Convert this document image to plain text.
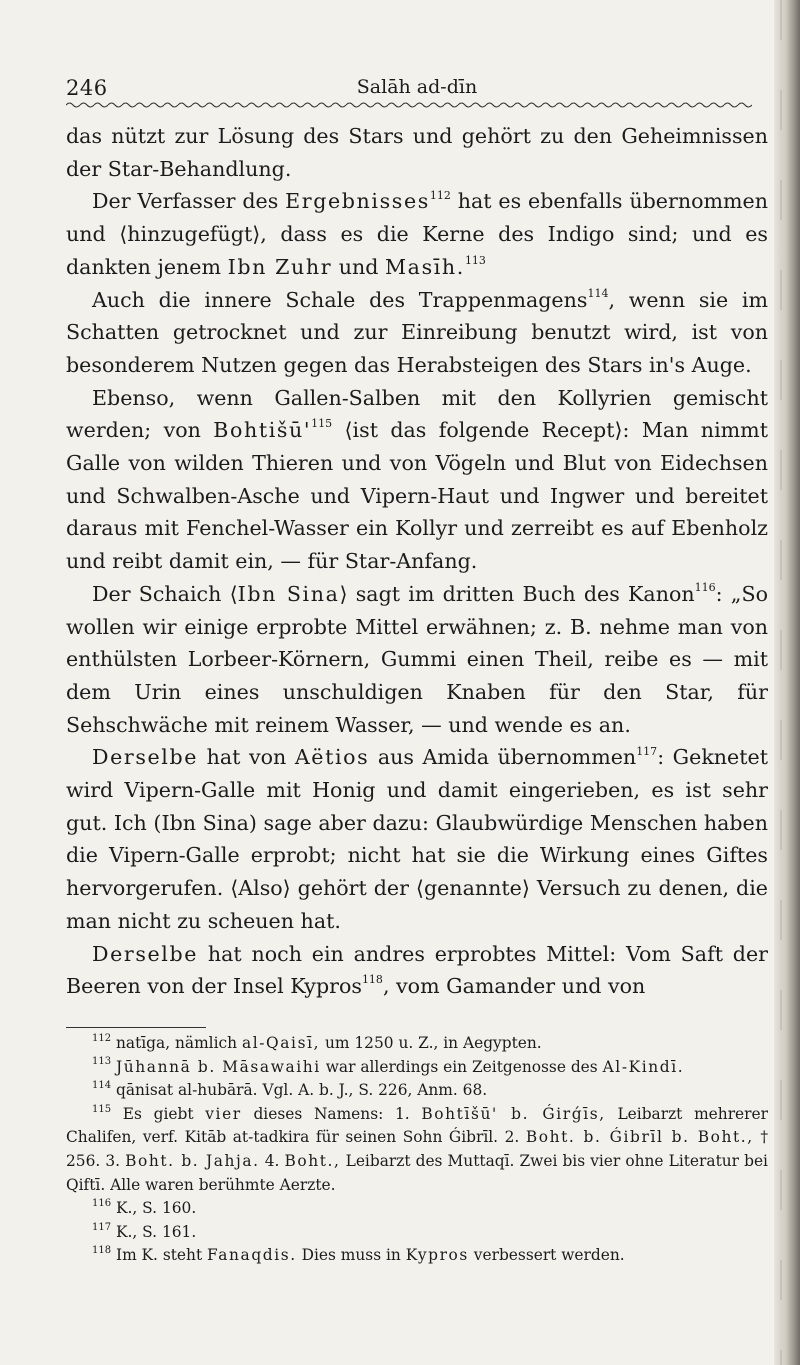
246	Salāh ad-dīn

das nützt zur Lösung des Stars und gehört zu den Geheimnissen der Star-Behandlung.

Der Verfasser des Ergebnisses$^{112}$ hat es ebenfalls übernommen und ⟨hinzugefügt⟩, dass es die Kerne des Indigo sind; und es dankten jenem Ibn Zuhr und Masīh.$^{113}$

Auch die innere Schale des Trappenmagens$^{114}$, wenn sie im Schatten getrocknet und zur Einreibung benutzt wird, ist von besonderem Nutzen gegen das Herabsteigen des Stars in's Auge.

Ebenso, wenn Gallen-Salben mit den Kollyrien gemischt werden; von $Bohtišū'^{115}$ ⟨ist das folgende Recept⟩: Man nimmt Galle von wilden Thieren und von Vögeln und Blut von Eidechsen und Schwalben-Asche und Vipern-Haut und Ingwer und bereitet daraus mit Fenchel-Wasser ein Kollyr und zerreibt es auf Ebenholz und reibt damit ein, — für Star-Anfang.

Der Schaich ⟨Ibn Sina⟩ sagt im dritten Buch des Kanon$^{116}$: „So wollen wir einige erprobte Mittel erwähnen; z. B. nehme man von enthülsten Lorbeer-Körnern, Gummi einen Theil, reibe es — mit dem Urin eines unschuldigen Knaben für den Star, für Sehschwäche mit reinem Wasser, — und wende es an.

Derselbe hat von Aëtios aus Amida übernommen$^{117}$: Geknetet wird Vipern-Galle mit Honig und damit eingerieben, es ist sehr gut. Ich (Ibn Sina) sage aber dazu: Glaubwürdige Menschen haben die Vipern-Galle erprobt; nicht hat sie die Wirkung eines Giftes hervorgerufen. ⟨Also⟩ gehört der ⟨genannte⟩ Versuch zu denen, die man nicht zu scheuen hat.

Derselbe hat noch ein andres erprobtes Mittel: Vom Saft der Beeren von der Insel Kypros$^{118}$, vom Gamander und von

$^{112}$ natīga, nämlich al-Qaisī, um 1250 u. Z., in Aegypten.
$^{113}$ Jūhannā b. Māsawaihi war allerdings ein Zeitgenosse des Al-Kindī.
$^{114}$ qānisat al-hubārā. Vgl. A. b. J., S. 226, Anm. 68.
$^{115}$ Es giebt vier dieses Namens: 1. Bohtīšū' b. Ǵirǵīs, Leibarzt mehrerer Chalifen, verf. Kitāb at-tadkira für seinen Sohn Ǵibrīl. 2. Boht. b. Ǵibrīl b. Boht., † 256. 3. Boht. b. Jahja. 4. Boht., Leibarzt des Muttaqī. Zwei bis vier ohne Literatur bei Qiftī. Alle waren berühmte Aerzte.
$^{116}$ K., S. 160.
$^{117}$ K., S. 161.
$^{118}$ Im K. steht Fanaqdis. Dies muss in Kypros verbessert werden.
